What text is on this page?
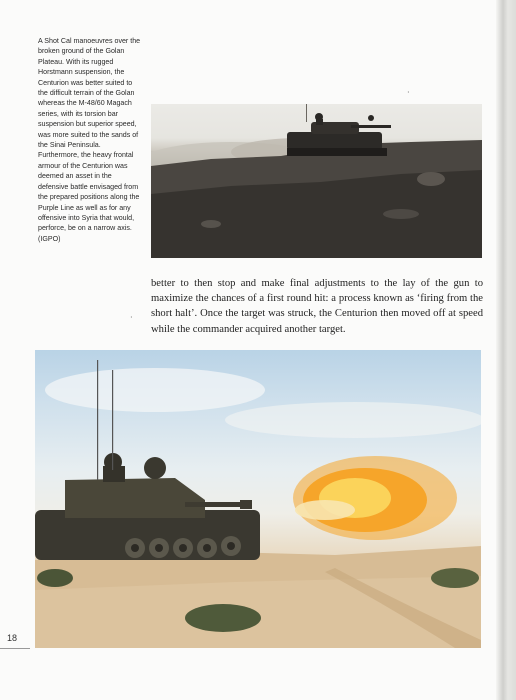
A Shot Cal manoeuvres over the broken ground of the Golan Plateau. With its rugged Horstmann suspension, the Centurion was better suited to the difficult terrain of the Golan whereas the M-48/60 Magach series, with its torsion bar suspension but superior speed, was more suited to the sands of the Sinai Peninsula. Furthermore, the heavy frontal armour of the Centurion was deemed an asset in the defensive battle envisaged from the prepared positions along the Purple Line as well as for any offensive into Syria that would, perforce, be on a narrow axis. (IGPO)

·
·

better to then stop and make final adjustments to the lay of the gun to maximize the chances of a first round hit: a process known as ‘firing from the short halt’. Once the target was struck, the Centurion then moved off at speed while the commander acquired another target.

18
